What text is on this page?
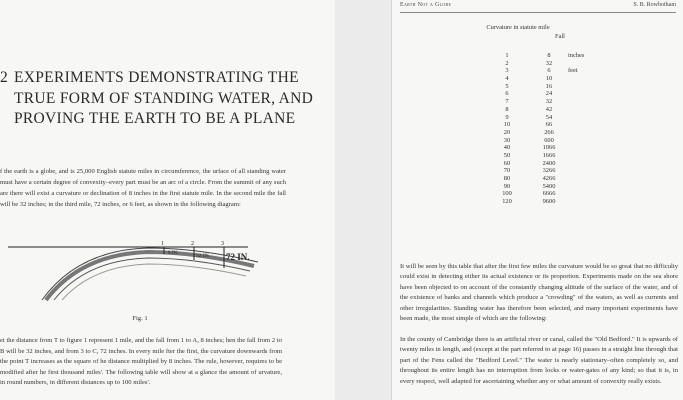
2 EXPERIMENTS DEMONSTRATING THE TRUE FORM OF STANDING WATER, AND PROVING THE EARTH TO BE A PLANE
f the earth is a globe, and is 25,000 English statute miles in circumference, the urface of all standing water must have a certain degree of convexity–every part must be an arc of a circle. From the summit of any such are there will exist a curvature or declination of 8 inches in the first statute mile. In the second mile the fall will be 32 inches; in the third mile, 72 inches, or 6 feet, as shown in the following diagram:
1	2	3
8 IN.	32 IN. 72 IN.
Fig. 1
et the distance from T to figure 1 represent 1 mile, and the fall from 1 to A, 8 inches; hen the fall from 2 to B will be 32 inches, and from 3 to C, 72 inches. In every mile fter the first, the curvature downwards from the point T increases as the square of he distance multiplied by 8 inches. The rule, however, requires to be modified after he first thousand miles'. The following table will show at a glance the amount of urvature, in round numbers, in different distances up to 100 miles'.
Earth Not a Globe	S. B. Rowbotham
Curvature in statute mile
Fall
1	8	inches
2	32
3	6	feet
4	10
5	16
6	24
7	32
8	42
9	54
10	66
20	266
30	600
40	1066
50	1666
60	2400
70	3266
80	4266
90	5400
100	6666
120	9600
It will be seen by this table that after the first few miles the curvature would be so great that no difficulty could exist in detecting either its actual existence or its proportion. Experiments made on the sea shore have been objected to on account of the constantly changing altitude of the surface of the water, and of the existence of banks and channels which produce a "crowding" of the waters, as well as currents and other irregularities. Standing water has therefore been selected, and many important experiments have been made, the most simple of which are the following:
In the county of Cambridge there is an artificial river or canal, called the "Old Bedford." It is upwards of twenty miles in length, and (except at the part referred to at page 16) passes in a straight line through that part of the Fens called the "Bedford Level." The water is nearly stationary–often completely so, and throughout its entire length has no interruption from locks or water-gates of any kind; so that it is, in every respect, well adapted for ascertaining whether any or what amount of convexity really exists.
